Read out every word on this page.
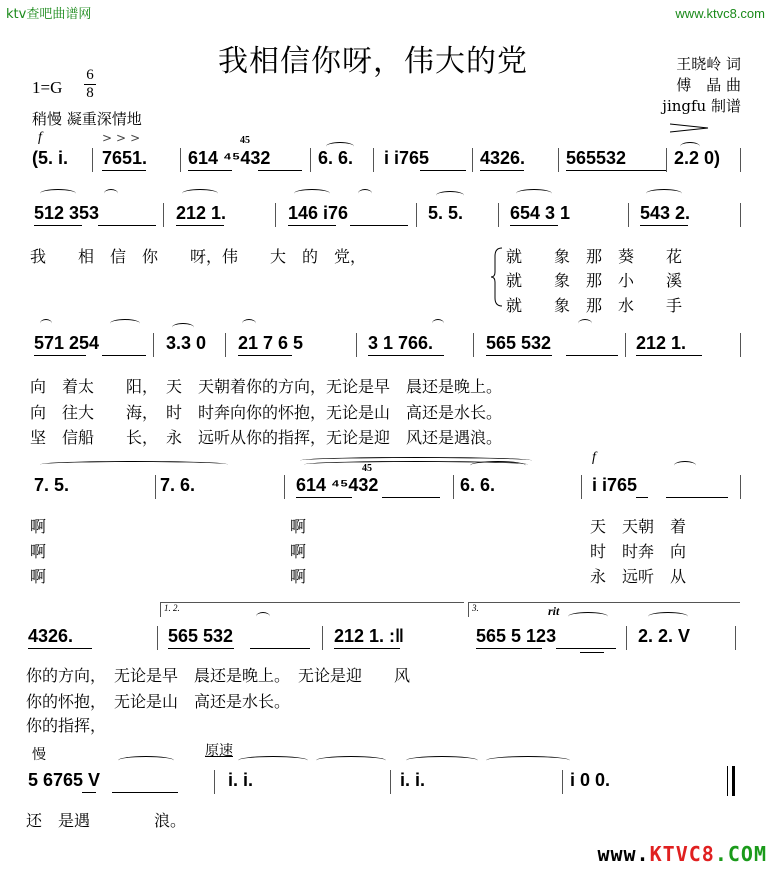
ktv查吧曲谱网	www.ktvc8.com
我相信你呀，伟大的党	王晓岭 词
傅　晶 曲
jingfu 制谱
1=G
6
8
稍慢 凝重深情地
f	>>>	45
(5. i. 7651. 614 ⁴⁵432	6. 6. i i765	4326. 565532	2.2 0)
512 353	212 1.	146 i76	5. 5.	654 3 1	543 2.
我　　相　信　你　　呀，伟　　大　的　党，	就　　象　那　葵　　花
就　　象　那　小　　溪
就　　象　那　水　　手
571 254	3.3 0 21 7 6 5	3 1 766.	565 532	212 1.
向　着太　　阳，　天　天朝着你的方向，无论是早　晨还是晚上。
向　往大　　海，　时　时奔向你的怀抱，无论是山　高还是水长。
坚　信船　　长，　永　远听从你的指挥，无论是迎　风还是遇浪。
45
f
7. 5.	7. 6.	614 ⁴⁵432	6. 6.	i i765
啊	啊	天　天朝　着
啊	啊	时　时奔　向
啊	啊	永　远听　从
1. 2.	3.	rit
4326.	565 532	212 1. :‖	565 5 123	2. 2. V
你的方向，　无论是早　晨还是晚上。　无论是迎　　风
你的怀抱，　无论是山　高还是水长。
你的指挥，
慢	原速
5 6765 V	i. i.	i. i.	i 0 0.
还　是遇　　　　浪。
www.KTVC8.COM
